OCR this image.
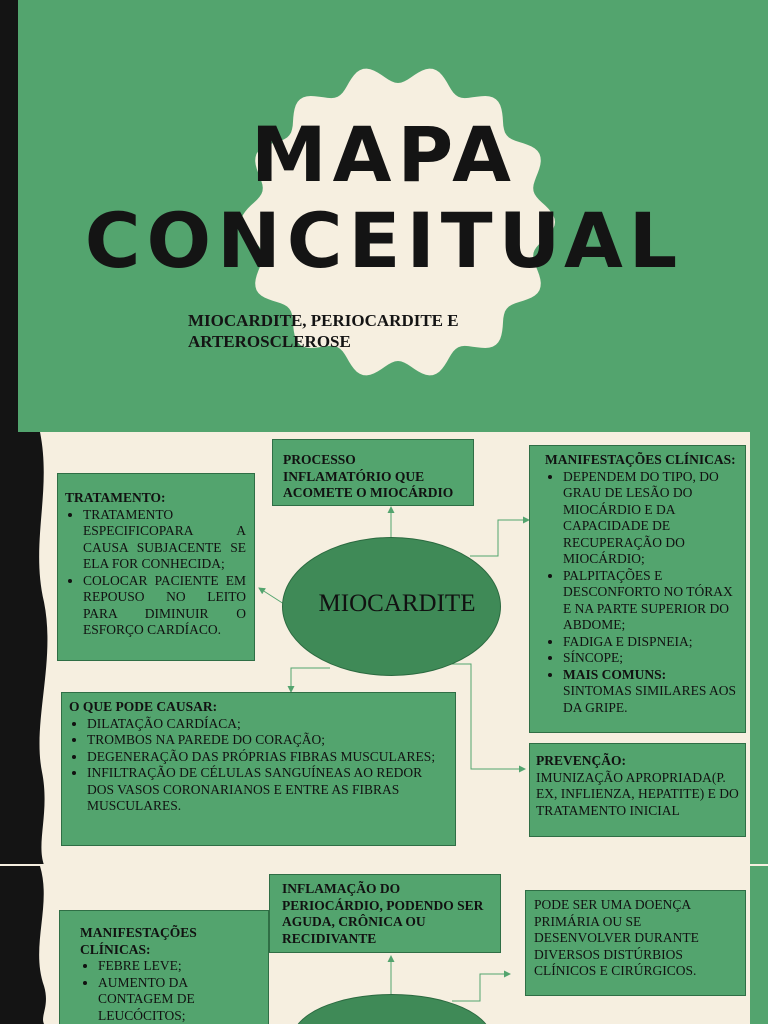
MAPA
CONCEITUAL
MIOCARDITE, PERIOCARDITE E
ARTEROSCLEROSE
PROCESSO INFLAMATÓRIO QUE ACOMETE O MIOCÁRDIO
TRATAMENTO:
• TRATAMENTO ESPECIFICOPARA A CAUSA SUBJACENTE SE ELA FOR CONHECIDA;
• COLOCAR PACIENTE EM REPOUSO NO LEITO PARA DIMINUIR O ESFORÇO CARDÍACO.
MIOCARDITE
MANIFESTAÇÕES CLÍNICAS:
• DEPENDEM DO TIPO, DO GRAU DE LESÃO DO MIOCÁRDIO E DA CAPACIDADE DE RECUPERAÇÃO DO MIOCÁRDIO;
• PALPITAÇÕES E DESCONFORTO NO TÓRAX E NA PARTE SUPERIOR DO ABDOME;
• FADIGA E DISPNEIA;
• SÍNCOPE;
• MAIS COMUNS:
SINTOMAS SIMILARES AOS DA GRIPE.
O QUE PODE CAUSAR:
• DILATAÇÃO CARDÍACA;
• TROMBOS NA PAREDE DO CORAÇÃO;
• DEGENERAÇÃO DAS PRÓPRIAS FIBRAS MUSCULARES;
• INFILTRAÇÃO DE CÉLULAS SANGUÍNEAS AO REDOR DOS VASOS CORONARIANOS E ENTRE AS FIBRAS MUSCULARES.
PREVENÇÃO:
IMUNIZAÇÃO APROPRIADA(P. EX, INFLIENZA, HEPATITE) E DO TRATAMENTO INICIAL
INFLAMAÇÃO DO PERIOCÁRDIO, PODENDO SER AGUDA, CRÔNICA OU RECIDIVANTE
PODE SER UMA DOENÇA PRIMÁRIA OU SE DESENVOLVER DURANTE DIVERSOS DISTÚRBIOS CLÍNICOS E CIRÚRGICOS.
MANIFESTAÇÕES CLÍNICAS:
• FEBRE LEVE;
• AUMENTO DA CONTAGEM DE LEUCÓCITOS;
